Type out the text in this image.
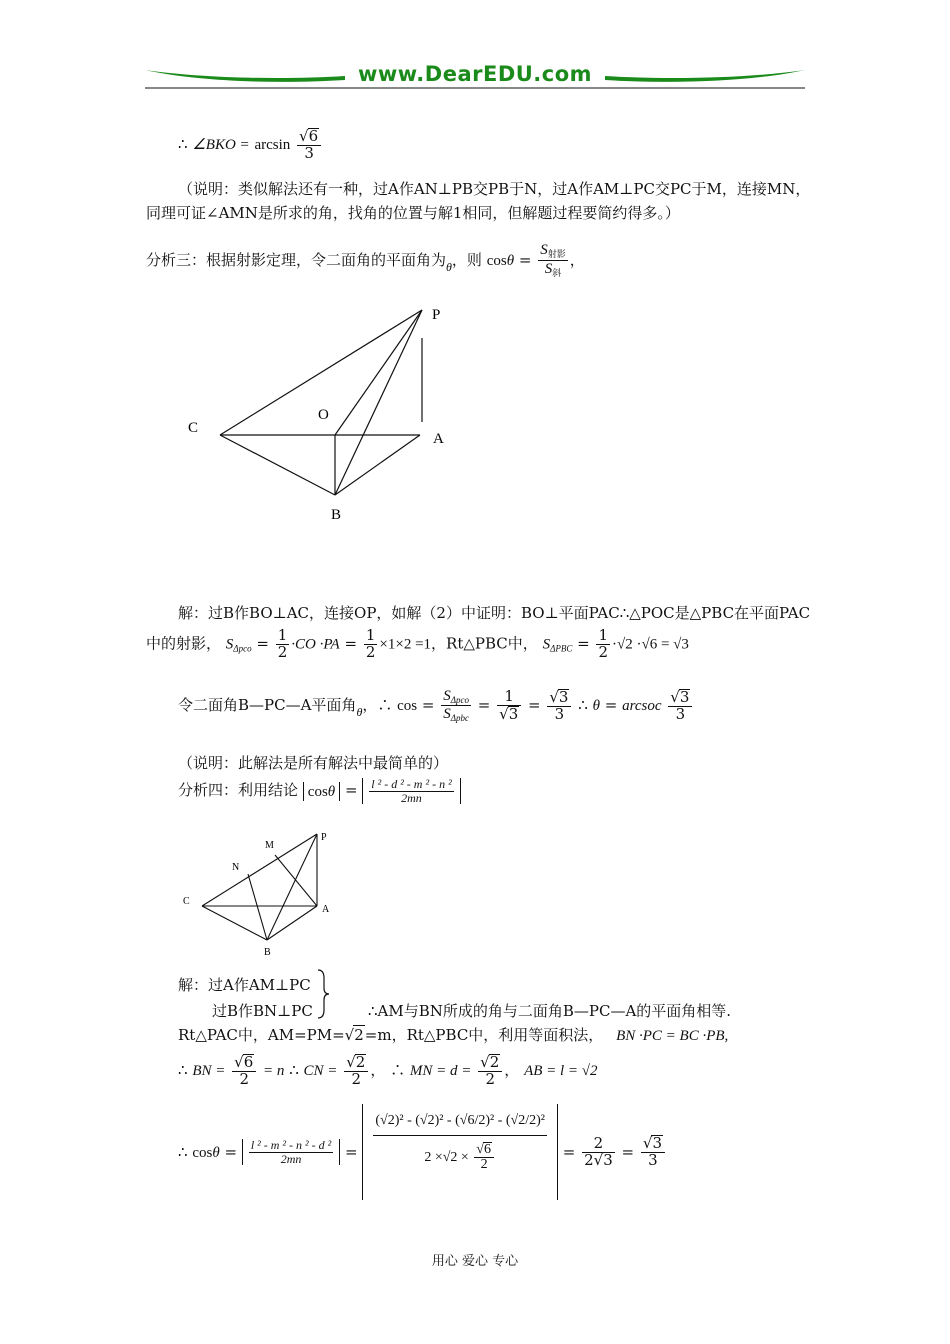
www.DearEDU.com
∴ ∠BKO = $\arcsin \frac{√6}{3}$
（说明：类似解法还有一种，过A作AN⊥PB交PB于N，过A作AM⊥PC交PC于M，连接MN，
同理可证∠AMN是所求的角，找角的位置与解1相同，但解题过程要简约得多。）
分析三：根据射影定理，令二面角的平面角为$_\theta$，则 $\cos\theta = \frac{S_{射影}}{S_斜}$ ，
P
O
C
A
B
解：过B作BO⊥AC，连接OP，如解（2）中证明：BO⊥平面PAC∴△POC是△PBC在平面PAC
中的射影， $S_{\Delta pco} = \frac{1}{2} \cdot CO \cdot PA = \frac{1}{2} \times 1\times 2 =1$，Rt△PBC中， $S_{\Delta PBC} = \frac{1}{2} \cdot√2 \cdot√6 = √3$
令二面角B—PC—A平面角$_\theta$，∴ $\cos = \frac{S_{\Delta pco}}{S_{\Delta pbc}} = \frac{1}{√3} = \frac{√3}{3}$ ∴ θ = arcsoc $\frac{√3}{3}$
（说明：此解法是所有解法中最简单的）
分析四：利用结论 $\cos\theta = \frac{\text{l ² - d ² - m ² - n ²}}{2mn}$
P
M
N
C
A
B
解：过A作AM⊥PC
过B作BN⊥PC	∴AM与BN所成的角与二面角B—PC—A的平面角相等.
Rt△PAC中，AM=PM=√2=m，Rt△PBC中，利用等面积法， BN ·PC = BC ·PB,
∴ BN = $\frac{√6}{2} = n$ ∴ CN = $\frac{√2}{2}$ ， ∴ MN = $d = \frac{√2}{2}$ ， AB = l = √2
∴ $\cos\theta = \frac{\text{l ² - m ² - n ² - d ²}}{2mn} = \frac{\text{(√2)² - (√2)² - (√6/2)² - (√2/2)²}}{2 \times√2 \times \frac{√6}{2}} = \frac{2}{2√3} = \frac{√3}{3}$
用心 爱心 专心
